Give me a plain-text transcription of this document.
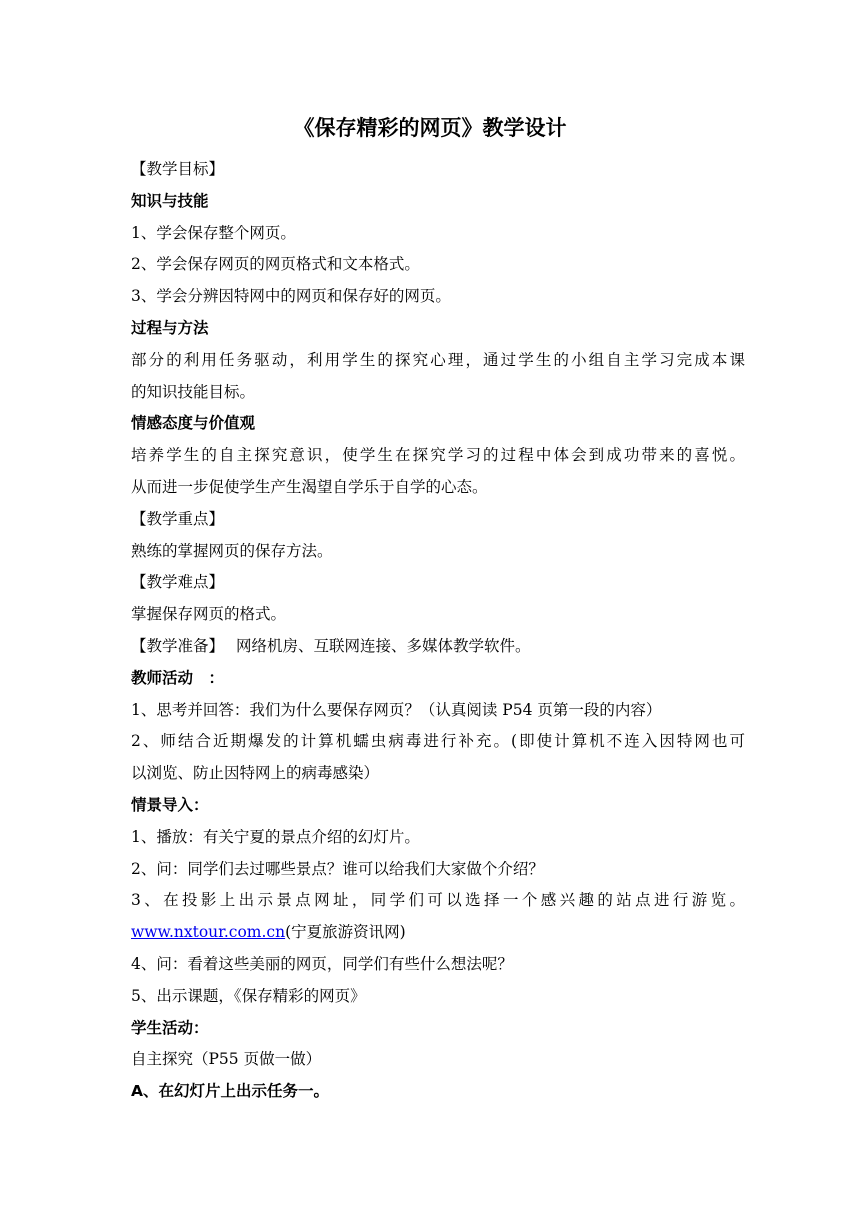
《保存精彩的网页》教学设计
【教学目标】
知识与技能
1、学会保存整个网页。
2、学会保存网页的网页格式和文本格式。
3、学会分辨因特网中的网页和保存好的网页。
过程与方法
部分的利用任务驱动，利用学生的探究心理，通过学生的小组自主学习完成本课
的知识技能目标。
情感态度与价值观
培养学生的自主探究意识，使学生在探究学习的过程中体会到成功带来的喜悦。
从而进一步促使学生产生渴望自学乐于自学的心态。
【教学重点】
熟练的掌握网页的保存方法。
【教学难点】
掌握保存网页的格式。
【教学准备】 网络机房、互联网连接、多媒体教学软件。
教师活动　：
1、思考并回答：我们为什么要保存网页？（认真阅读 P54 页第一段的内容）
2、师结合近期爆发的计算机蠕虫病毒进行补充。(即使计算机不连入因特网也可
以浏览、防止因特网上的病毒感染）
情景导入：
1、播放：有关宁夏的景点介绍的幻灯片。
2、问：同学们去过哪些景点？谁可以给我们大家做个介绍？
3、在投影上出示景点网址，同学们可以选择一个感兴趣的站点进行游览。
www.nxtour.com.cn(宁夏旅游资讯网)
4、问：看着这些美丽的网页，同学们有些什么想法呢？
5、出示课题，《保存精彩的网页》
学生活动：
自主探究（P55 页做一做）
A、在幻灯片上出示任务一。
